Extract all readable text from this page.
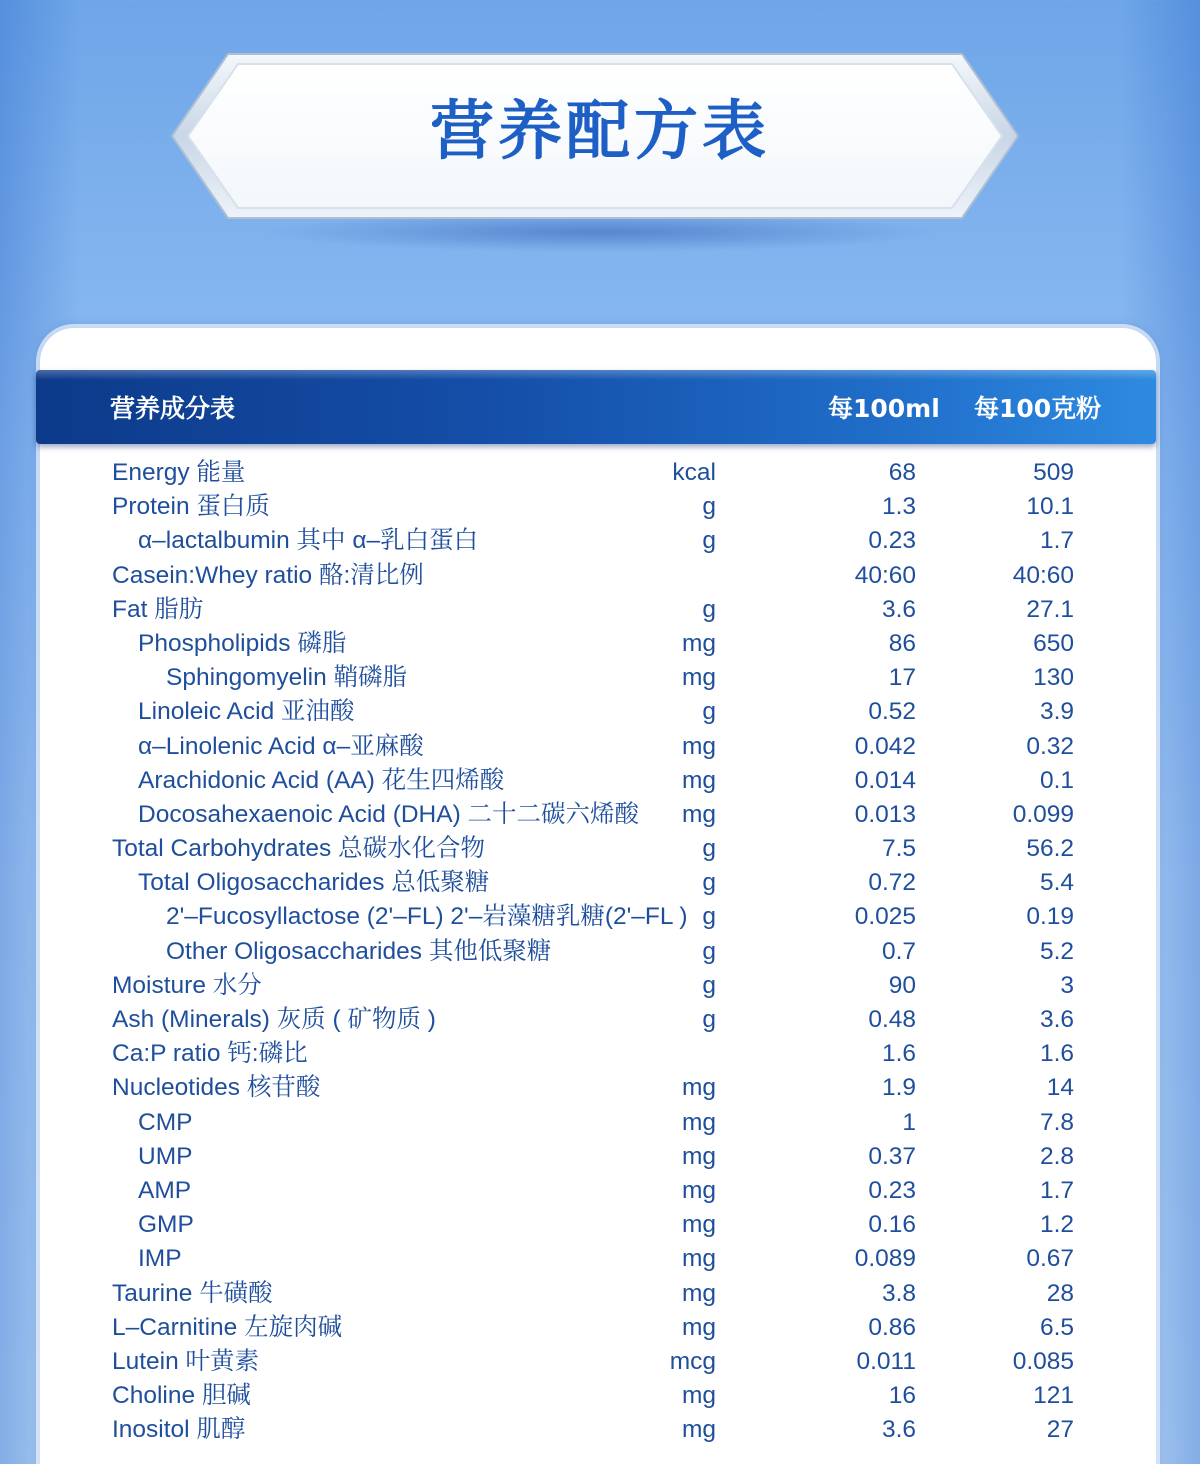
营养配方表
营养成分表	每100ml 每100克粉
Energy 能量	kcal	68	509
Protein 蛋白质	g	1.3	10.1
α–lactalbumin 其中 α–乳白蛋白	g	0.23	1.7
Casein:Whey ratio 酪:清比例	40:60	40:60
Fat 脂肪	g	3.6	27.1
Phospholipids 磷脂	mg	86	650
Sphingomyelin 鞘磷脂	mg	17	130
Linoleic Acid 亚油酸	g	0.52	3.9
α–Linolenic Acid α–亚麻酸	mg	0.042	0.32
Arachidonic Acid (AA) 花生四烯酸	mg	0.014	0.1
Docosahexaenoic Acid (DHA) 二十二碳六烯酸	mg	0.013	0.099
Total Carbohydrates 总碳水化合物	g	7.5	56.2
Total Oligosaccharides 总低聚糖	g	0.72	5.4
2'–Fucosyllactose (2'–FL) 2'–岩藻糖乳糖(2'–FL ) g	0.025	0.19
Other Oligosaccharides 其他低聚糖	g	0.7	5.2
Moisture 水分	g	90	3
Ash (Minerals) 灰质 ( 矿物质 )	g	0.48	3.6
Ca:P ratio 钙:磷比	1.6	1.6
Nucleotides 核苷酸	mg	1.9	14
CMP	mg	1	7.8
UMP	mg	0.37	2.8
AMP	mg	0.23	1.7
GMP	mg	0.16	1.2
IMP	mg	0.089	0.67
Taurine 牛磺酸	mg	3.8	28
L–Carnitine 左旋肉碱	mg	0.86	6.5
Lutein 叶黄素	mcg	0.011	0.085
Choline 胆碱	mg	16	121
Inositol 肌醇	mg	3.6	27
